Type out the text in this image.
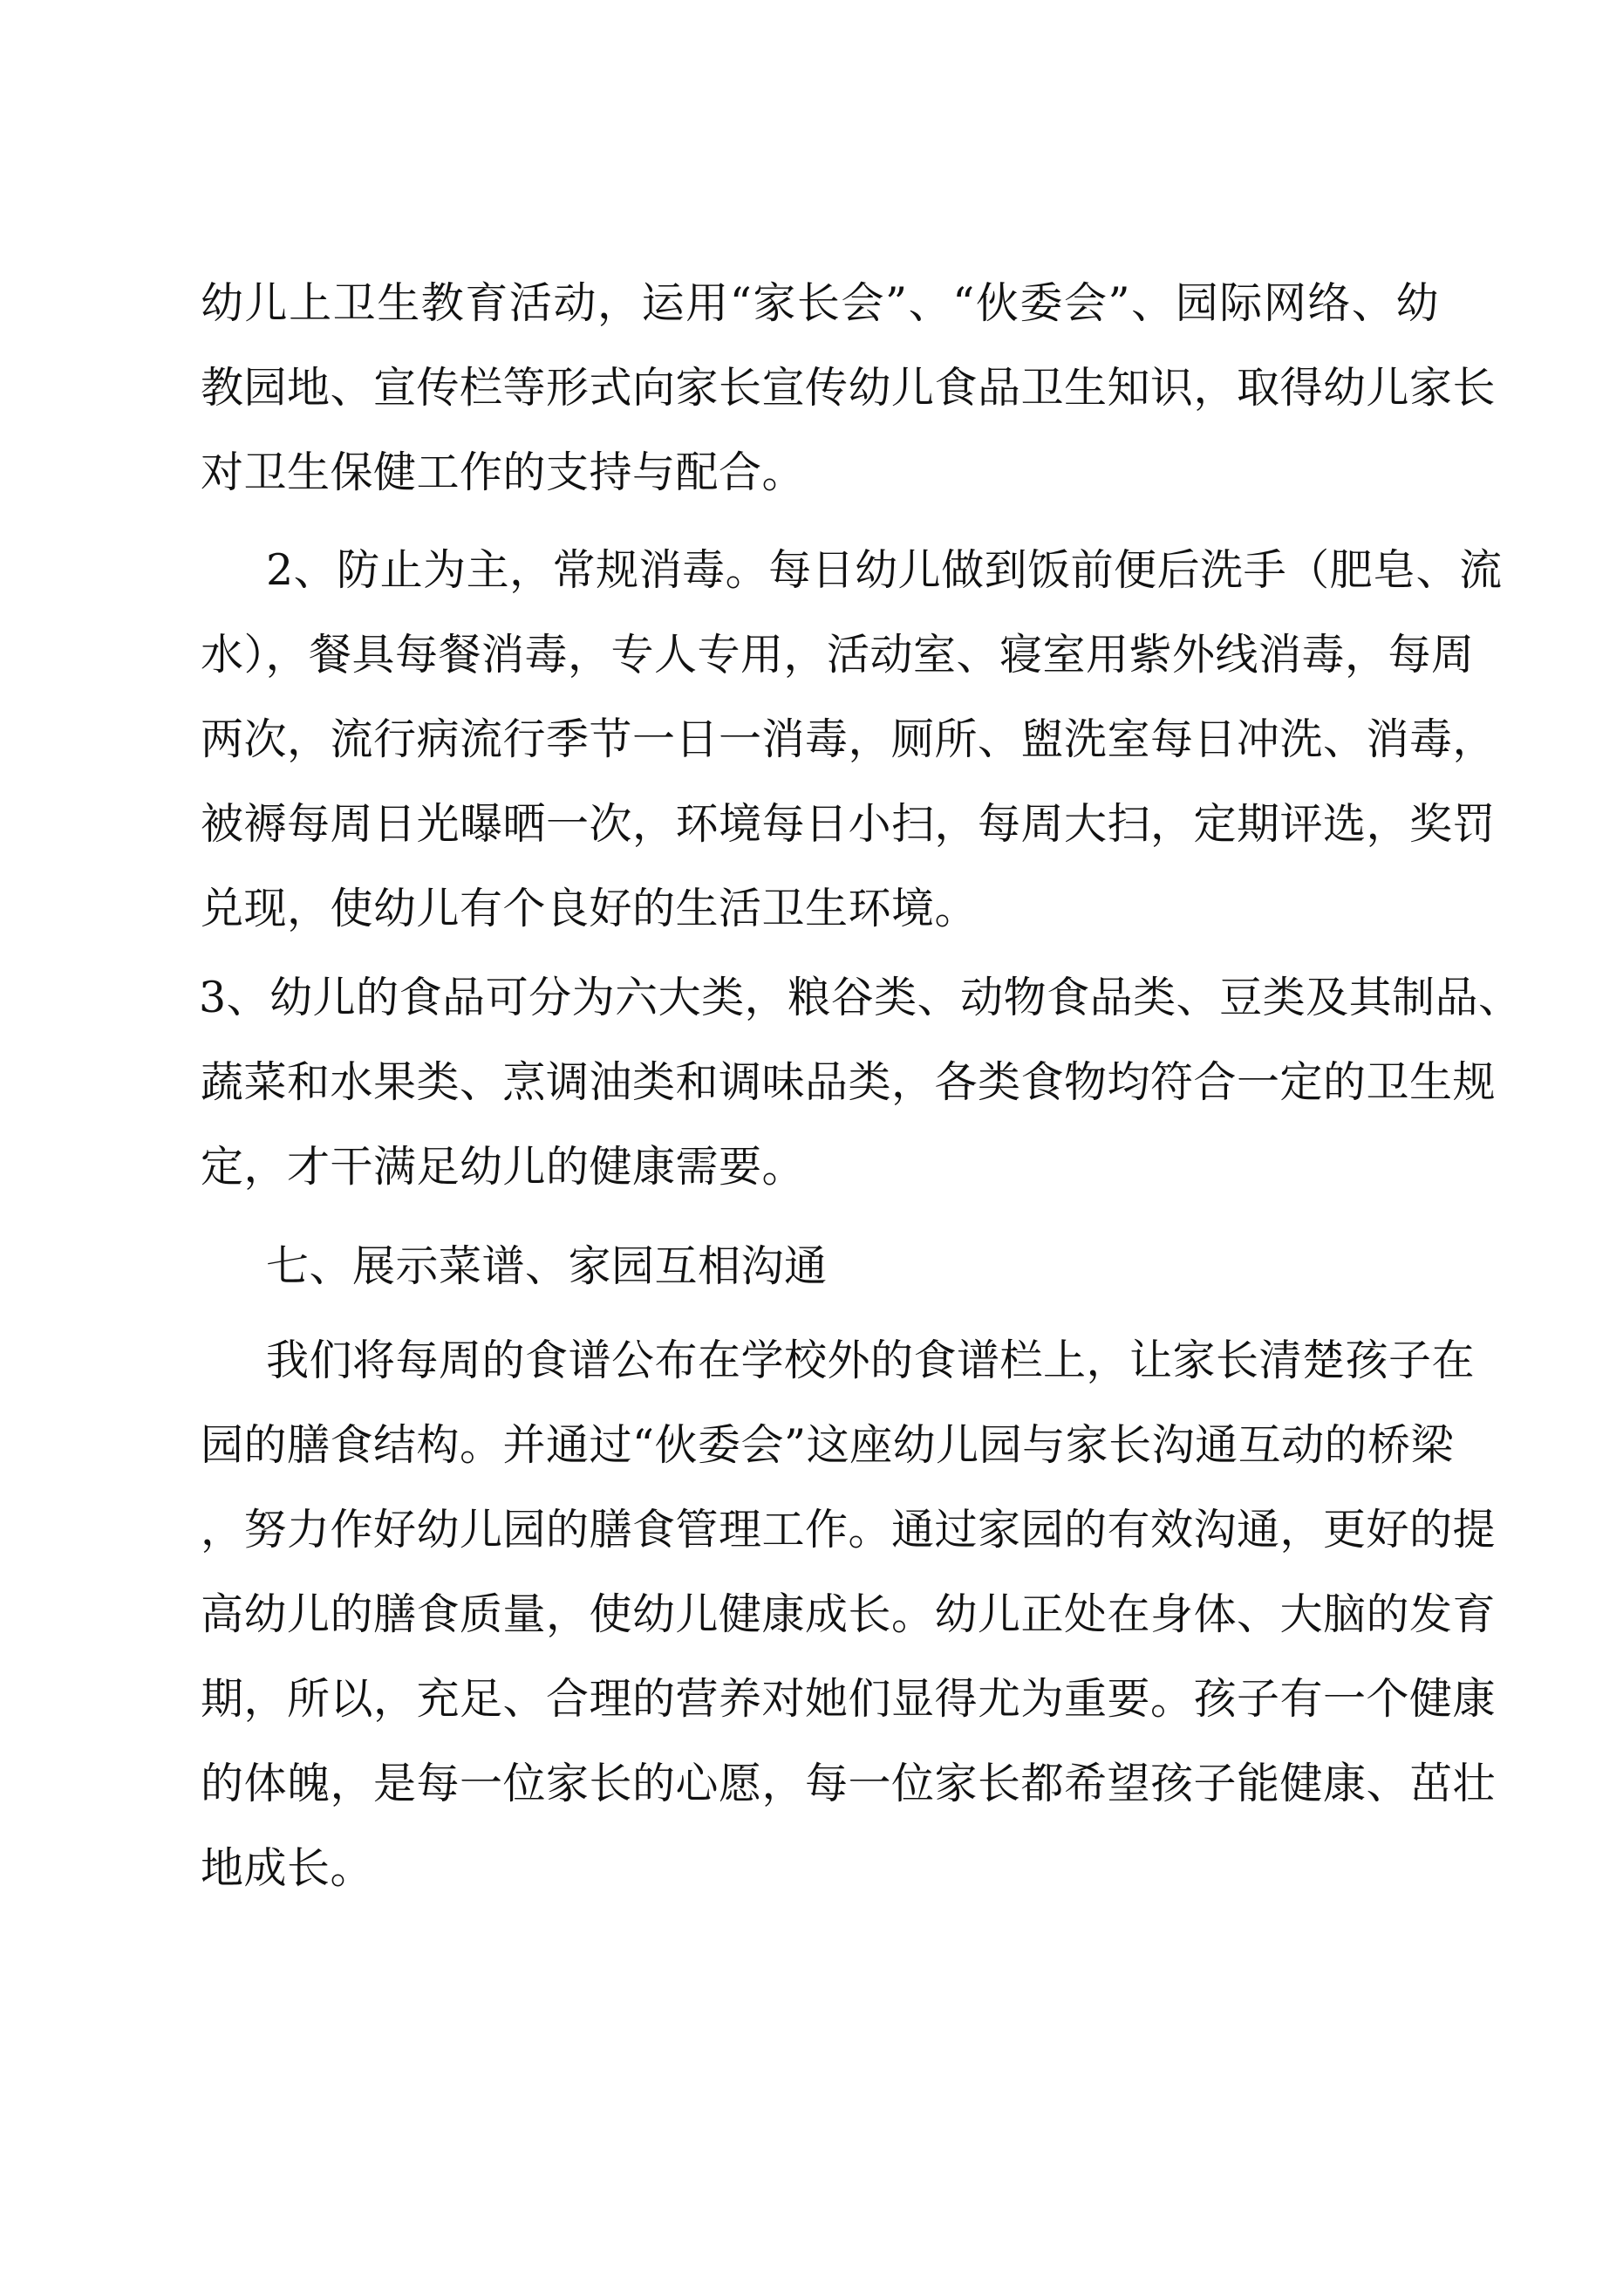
幼儿上卫生教育活动，运用“家长会”、“伙委会”、园际网络、幼
教园地、宣传栏等形式向家长宣传幼儿食品卫生知识，取得幼儿家长
对卫生保健工作的支持与配合。
2、防止为主，常规消毒。每日幼儿做到饭前便后洗手（肥皂、流
水），餐具每餐消毒，专人专用，活动室、寝室用紫外线消毒，每周
两次，流行病流行季节一日一消毒，厕所、盥洗室每日冲洗、消毒，
被褥每周日光曝晒一次，环境每日小扫，每周大扫，定期评选，奖罚
兑现，使幼儿有个良好的生活卫生环境。
3、幼儿的食品可分为六大类，粮谷类、动物食品类、豆类及其制品、
蔬菜和水果类、烹调油类和调味品类，各类食物均符合一定的卫生规
定，才干满足幼儿的健康需要。
七、展示菜谱、家园互相沟通
我们将每周的食谱公布在学校外的食谱栏上，让家长清楚孩子在
园的膳食结构。并通过“伙委会”这座幼儿园与家长沟通互动的桥梁
，努力作好幼儿园的膳食管理工作。通过家园的有效沟通，更好的提
高幼儿的膳食质量，使幼儿健康成长。幼儿正处在身体、大脑的发育
期，所以，充足、合理的营养对她们显得尤为重要。孩子有一个健康
的体魄，是每一位家长的心愿，每一位家长都希望孩子能健康、茁壮
地成长。
